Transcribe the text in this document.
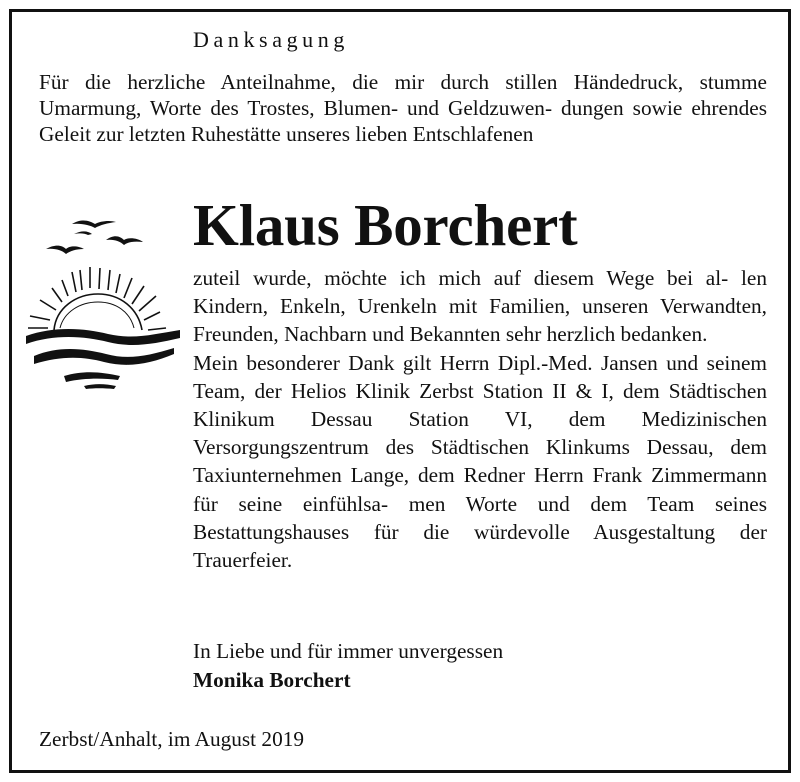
Danksagung
Für die herzliche Anteilnahme, die mir durch stillen Händedruck, stumme Umarmung, Worte des Trostes, Blumen- und Geldzuwen- dungen sowie ehrendes Geleit zur letzten Ruhestätte unseres lieben Entschlafenen
Klaus Borchert

zuteil wurde, möchte ich mich auf diesem Wege bei al- len Kindern, Enkeln, Urenkeln mit Familien, unseren Verwandten, Freunden, Nachbarn und Bekannten sehr herzlich bedanken.

Mein besonderer Dank gilt Herrn Dipl.-Med. Jansen und seinem Team, der Helios Klinik Zerbst Station II & I, dem Städtischen Klinikum Dessau Station VI, dem Medizinischen Versorgungszentrum des Städtischen Klinkums Dessau, dem Taxiunternehmen Lange, dem Redner Herrn Frank Zimmermann für seine einfühlsa- men Worte und dem Team seines Bestattungshauses für die würdevolle Ausgestaltung der Trauerfeier.

In Liebe und für immer unvergessen
Monika Borchert
Zerbst/Anhalt, im August 2019
